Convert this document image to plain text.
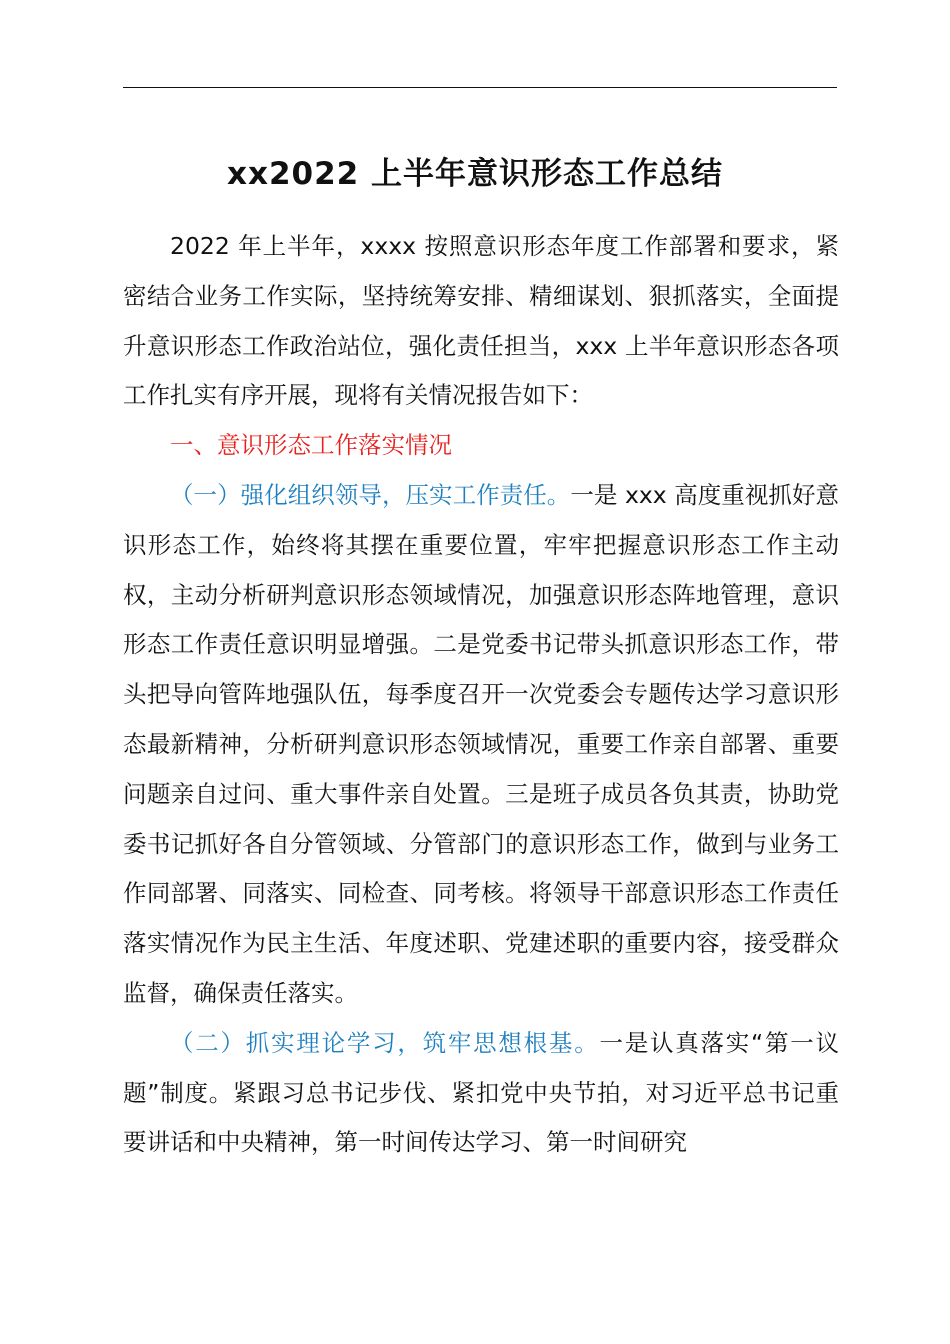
xx2022 上半年意识形态工作总结

2022 年上半年，xxxx 按照意识形态年度工作部署和要求，紧密结合业务工作实际，坚持统筹安排、精细谋划、狠抓落实，全面提升意识形态工作政治站位，强化责任担当，xxx 上半年意识形态各项工作扎实有序开展，现将有关情况报告如下：

一、意识形态工作落实情况

（一）强化组织领导，压实工作责任。一是 xxx 高度重视抓好意识形态工作，始终将其摆在重要位置，牢牢把握意识形态工作主动权，主动分析研判意识形态领域情况，加强意识形态阵地管理，意识形态工作责任意识明显增强。二是党委书记带头抓意识形态工作，带头把导向管阵地强队伍，每季度召开一次党委会专题传达学习意识形态最新精神，分析研判意识形态领域情况，重要工作亲自部署、重要问题亲自过问、重大事件亲自处置。三是班子成员各负其责，协助党委书记抓好各自分管领域、分管部门的意识形态工作，做到与业务工作同部署、同落实、同检查、同考核。将领导干部意识形态工作责任落实情况作为民主生活、年度述职、党建述职的重要内容，接受群众监督，确保责任落实。

（二）抓实理论学习，筑牢思想根基。一是认真落实“第一议题”制度。紧跟习总书记步伐、紧扣党中央节拍，对习近平总书记重要讲话和中央精神，第一时间传达学习、第一时间研究
